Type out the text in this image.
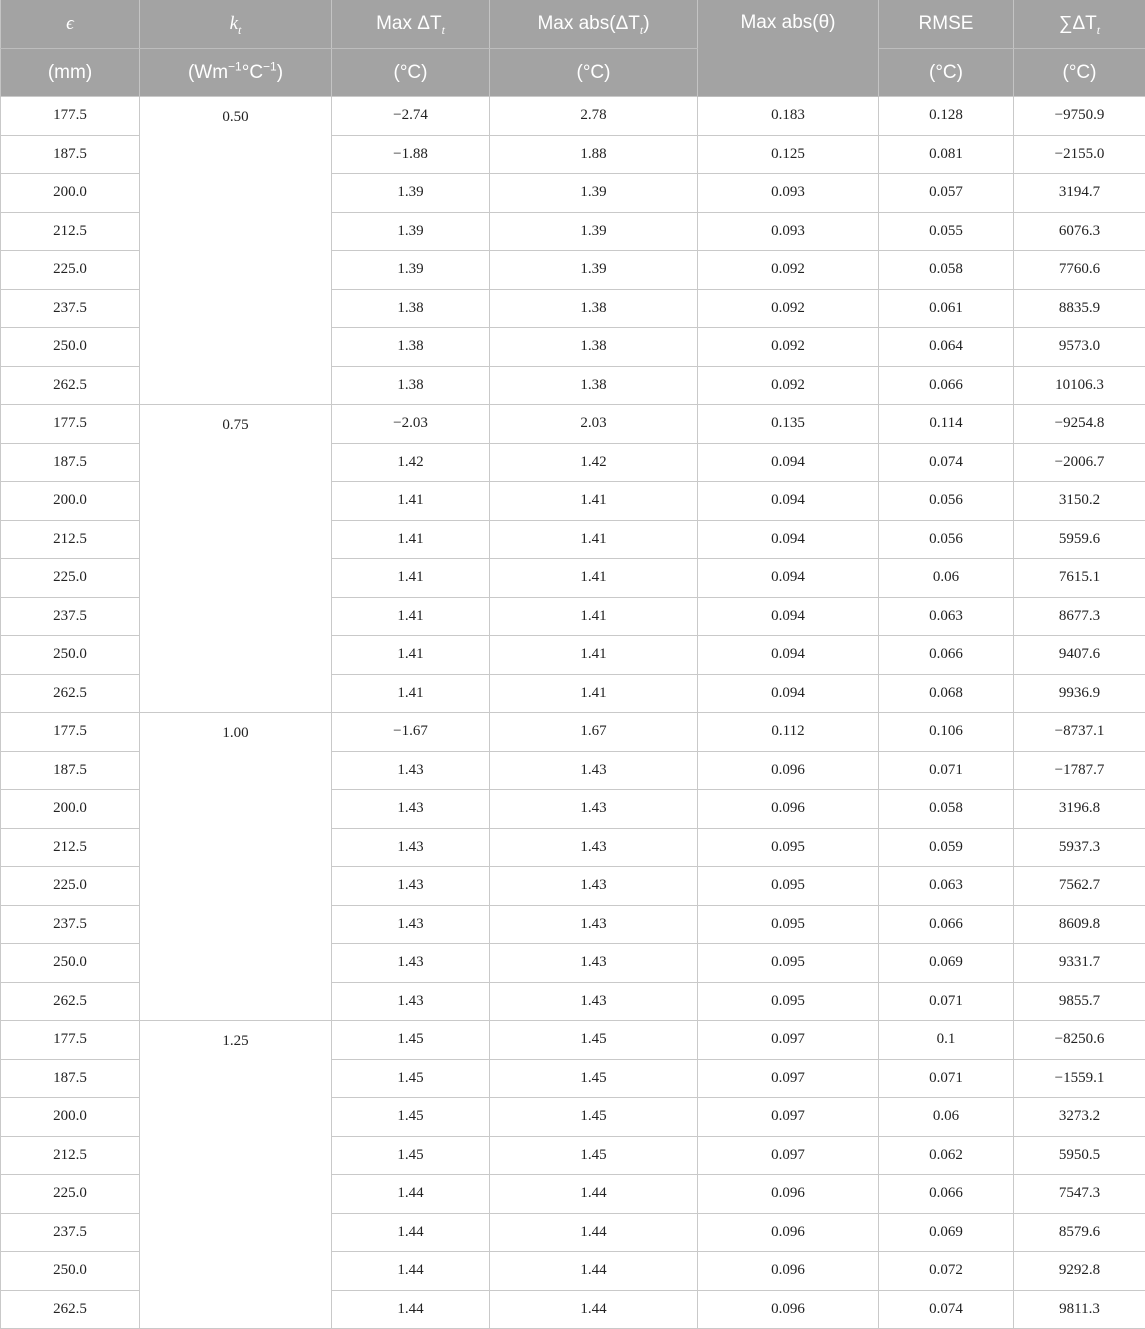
ϵ	$k_t$	Max $\Delta T_t$	Max $abs(\Delta T_t)$	Max abs(θ)	RMSE	$\sum\Delta T_t$
(mm)	$(Wm^{-1}^\circ C^{-1})$	(°C)	(°C)		(°C)	(°C)
177.5	0.50	−2.74	2.78	0.183	0.128	−9750.9
187.5		−1.88	1.88	0.125	0.081	−2155.0
200.0		1.39	1.39	0.093	0.057	3194.7
212.5		1.39	1.39	0.093	0.055	6076.3
225.0		1.39	1.39	0.092	0.058	7760.6
237.5		1.38	1.38	0.092	0.061	8835.9
250.0		1.38	1.38	0.092	0.064	9573.0
262.5		1.38	1.38	0.092	0.066	10106.3
177.5	0.75	−2.03	2.03	0.135	0.114	−9254.8
187.5		1.42	1.42	0.094	0.074	−2006.7
200.0		1.41	1.41	0.094	0.056	3150.2
212.5		1.41	1.41	0.094	0.056	5959.6
225.0		1.41	1.41	0.094	0.06	7615.1
237.5		1.41	1.41	0.094	0.063	8677.3
250.0		1.41	1.41	0.094	0.066	9407.6
262.5		1.41	1.41	0.094	0.068	9936.9
177.5	1.00	−1.67	1.67	0.112	0.106	−8737.1
187.5		1.43	1.43	0.096	0.071	−1787.7
200.0		1.43	1.43	0.096	0.058	3196.8
212.5		1.43	1.43	0.095	0.059	5937.3
225.0		1.43	1.43	0.095	0.063	7562.7
237.5		1.43	1.43	0.095	0.066	8609.8
250.0		1.43	1.43	0.095	0.069	9331.7
262.5		1.43	1.43	0.095	0.071	9855.7
177.5	1.25	1.45	1.45	0.097	0.1	−8250.6
187.5		1.45	1.45	0.097	0.071	−1559.1
200.0		1.45	1.45	0.097	0.06	3273.2
212.5		1.45	1.45	0.097	0.062	5950.5
225.0		1.44	1.44	0.096	0.066	7547.3
237.5		1.44	1.44	0.096	0.069	8579.6
250.0		1.44	1.44	0.096	0.072	9292.8
262.5		1.44	1.44	0.096	0.074	9811.3
